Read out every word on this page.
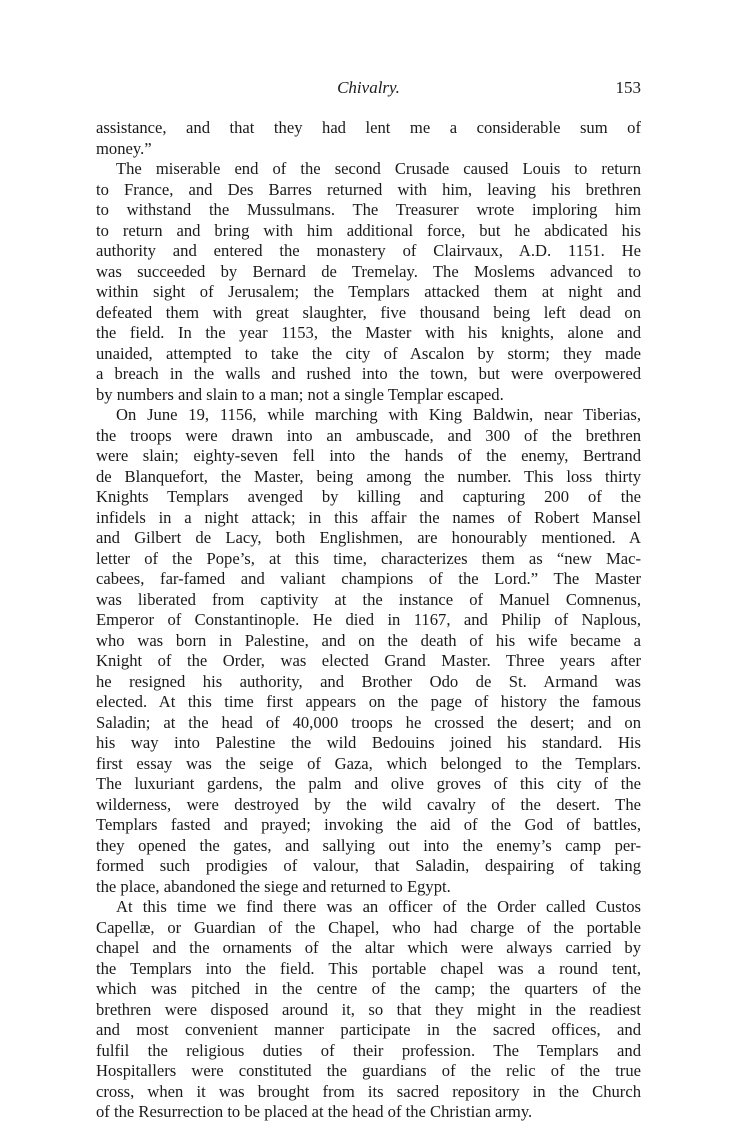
Chivalry.	153
assistance, and that they had lent me a considerable sum of
money.”
The miserable end of the second Crusade caused Louis to return
to France, and Des Barres returned with him, leaving his brethren
to withstand the Mussulmans. The Treasurer wrote imploring him
to return and bring with him additional force, but he abdicated his
authority and entered the monastery of Clairvaux, A.D. 1151. He
was succeeded by Bernard de Tremelay. The Moslems advanced to
within sight of Jerusalem; the Templars attacked them at night and
defeated them with great slaughter, five thousand being left dead on
the field. In the year 1153, the Master with his knights, alone and
unaided, attempted to take the city of Ascalon by storm; they made
a breach in the walls and rushed into the town, but were overpowered
by numbers and slain to a man; not a single Templar escaped.
On June 19, 1156, while marching with King Baldwin, near Tiberias,
the troops were drawn into an ambuscade, and 300 of the brethren
were slain; eighty-seven fell into the hands of the enemy, Bertrand
de Blanquefort, the Master, being among the number. This loss thirty
Knights Templars avenged by killing and capturing 200 of the
infidels in a night attack; in this affair the names of Robert Mansel
and Gilbert de Lacy, both Englishmen, are honourably mentioned. A
letter of the Pope’s, at this time, characterizes them as “new Mac-
cabees, far-famed and valiant champions of the Lord.” The Master
was liberated from captivity at the instance of Manuel Comnenus,
Emperor of Constantinople. He died in 1167, and Philip of Naplous,
who was born in Palestine, and on the death of his wife became a
Knight of the Order, was elected Grand Master. Three years after
he resigned his authority, and Brother Odo de St. Armand was
elected. At this time first appears on the page of history the famous
Saladin; at the head of 40,000 troops he crossed the desert; and on
his way into Palestine the wild Bedouins joined his standard. His
first essay was the seige of Gaza, which belonged to the Templars.
The luxuriant gardens, the palm and olive groves of this city of the
wilderness, were destroyed by the wild cavalry of the desert. The
Templars fasted and prayed; invoking the aid of the God of battles,
they opened the gates, and sallying out into the enemy’s camp per-
formed such prodigies of valour, that Saladin, despairing of taking
the place, abandoned the siege and returned to Egypt.
At this time we find there was an officer of the Order called Custos
Capellæ, or Guardian of the Chapel, who had charge of the portable
chapel and the ornaments of the altar which were always carried by
the Templars into the field. This portable chapel was a round tent,
which was pitched in the centre of the camp; the quarters of the
brethren were disposed around it, so that they might in the readiest
and most convenient manner participate in the sacred offices, and
fulfil the religious duties of their profession. The Templars and
Hospitallers were constituted the guardians of the relic of the true
cross, when it was brought from its sacred repository in the Church
of the Resurrection to be placed at the head of the Christian army.
